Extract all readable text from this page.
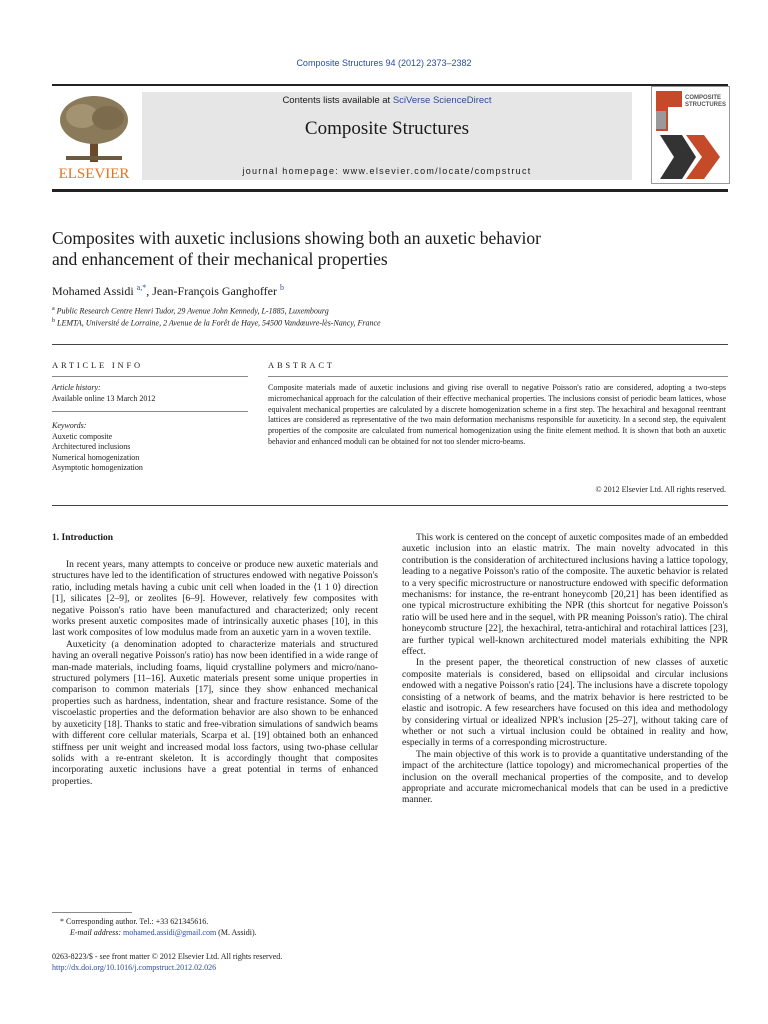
Composite Structures 94 (2012) 2373–2382
ELSEVIER
Contents lists available at SciVerse ScienceDirect
Composite Structures
journal homepage: www.elsevier.com/locate/compstruct
COMPOSITE
STRUCTURES
Composites with auxetic inclusions showing both an auxetic behavior
and enhancement of their mechanical properties
Mohamed Assidi $^{a,*}$, Jean-François Ganghoffer $^b$
$^a$ Public Research Centre Henri Tudor, 29 Avenue John Kennedy, L-1885, Luxembourg
$^b$ LEMTA, Université de Lorraine, 2 Avenue de la Forêt de Haye, 54500 Vandœuvre-lès-Nancy, France
ARTICLE INFO
Article history:
Available online 13 March 2012
Keywords:
Auxetic composite
Architectured inclusions
Numerical homogenization
Asymptotic homogenization
ABSTRACT
Composite materials made of auxetic inclusions and giving rise overall to negative Poisson's ratio are considered, adopting a two-steps micromechanical approach for the calculation of their effective mechanical properties. The inclusions consist of periodic beam lattices, whose equivalent mechanical properties are calculated by a discrete homogenization scheme in a first step. The hexachiral and hexagonal reentrant lattices are considered as representative of the two main deformation mechanisms responsible for auxeticity. In a second step, the equivalent properties of the composite are calculated from numerical homogenization using the finite element method. It is shown that both an auxetic behavior and enhanced moduli can be obtained for not too slender micro-beams.
© 2012 Elsevier Ltd. All rights reserved.
1. Introduction

In recent years, many attempts to conceive or produce new auxetic materials and structures have led to the identification of structures endowed with negative Poisson's ratio, including metals having a cubic unit cell when loaded in the ⟨1 1 0⟩ direction [1], silicates [2–9], or zeolites [6–9]. However, relatively few composites with negative Poisson's ratio have been manufactured and characterized; only recent works present auxetic composites made of intrinsically auxetic phases [10], in this last work composites of low modulus made from an auxetic yarn in a woven textile.

Auxeticity (a denomination adopted to characterize materials and structured having an overall negative Poisson's ratio) has now been identified in a wide range of man-made materials, including foams, liquid crystalline polymers and micro/nano-structured polymers [11–16]. Auxetic materials present some unique properties in comparison to common materials [17], since they show enhanced mechanical properties such as hardness, indentation, shear and fracture resistance. Some of the viscoelastic properties and the deformation behavior are also shown to be enhanced by auxeticity [18]. Thanks to static and free-vibration simulations of sandwich beams with different core cellular materials, Scarpa et al. [19] obtained both an enhanced stiffness per unit weight and increased modal loss factors, using two-phase cellular solids with a re-entrant skeleton. It is accordingly thought that composites incorporating auxetic inclusions have a great potential in terms of enhanced properties.

This work is centered on the concept of auxetic composites made of an embedded auxetic inclusion into an elastic matrix. The main novelty advocated in this contribution is the consideration of architectured inclusions having a lattice topology, leading to a negative Poisson's ratio of the composite. The auxetic behavior is related to a very specific microstructure or nanostructure endowed with specific deformation mechanisms: for instance, the re-entrant honeycomb [20,21] has been identified as one typical microstructure exhibiting the NPR (this shortcut for negative Poisson's ratio will be used here and in the sequel, with PR meaning Poisson's ratio). The chiral honeycomb structure [22], the hexachiral, tetra-antichiral and rotachiral lattices [23], are further typical well-known architectured model materials exhibiting the NPR effect.

In the present paper, the theoretical construction of new classes of auxetic composite materials is considered, based on ellipsoidal and circular inclusions endowed with a negative Poisson's ratio [24]. The inclusions have a discrete topology consisting of a network of beams, and the matrix behavior is here restricted to be elastic and isotropic. A few researchers have focused on this idea and methodology by considering virtual or idealized NPR's inclusion [25–27], without taking care of whether or not such a virtual inclusion could be obtained in reality and how, especially in terms of a corresponding microstructure.

The main objective of this work is to provide a quantitative understanding of the impact of the architecture (lattice topology) and micromechanical properties of the inclusion on the overall mechanical properties of the composite, and to develop appropriate and accurate micromechanical models that can be used in a predictive manner.

* Corresponding author. Tel.: +33 621345616.
E-mail address: mohamed.assidi@gmail.com (M. Assidi).
0263-8223/$ - see front matter © 2012 Elsevier Ltd. All rights reserved.
http://dx.doi.org/10.1016/j.compstruct.2012.02.026
